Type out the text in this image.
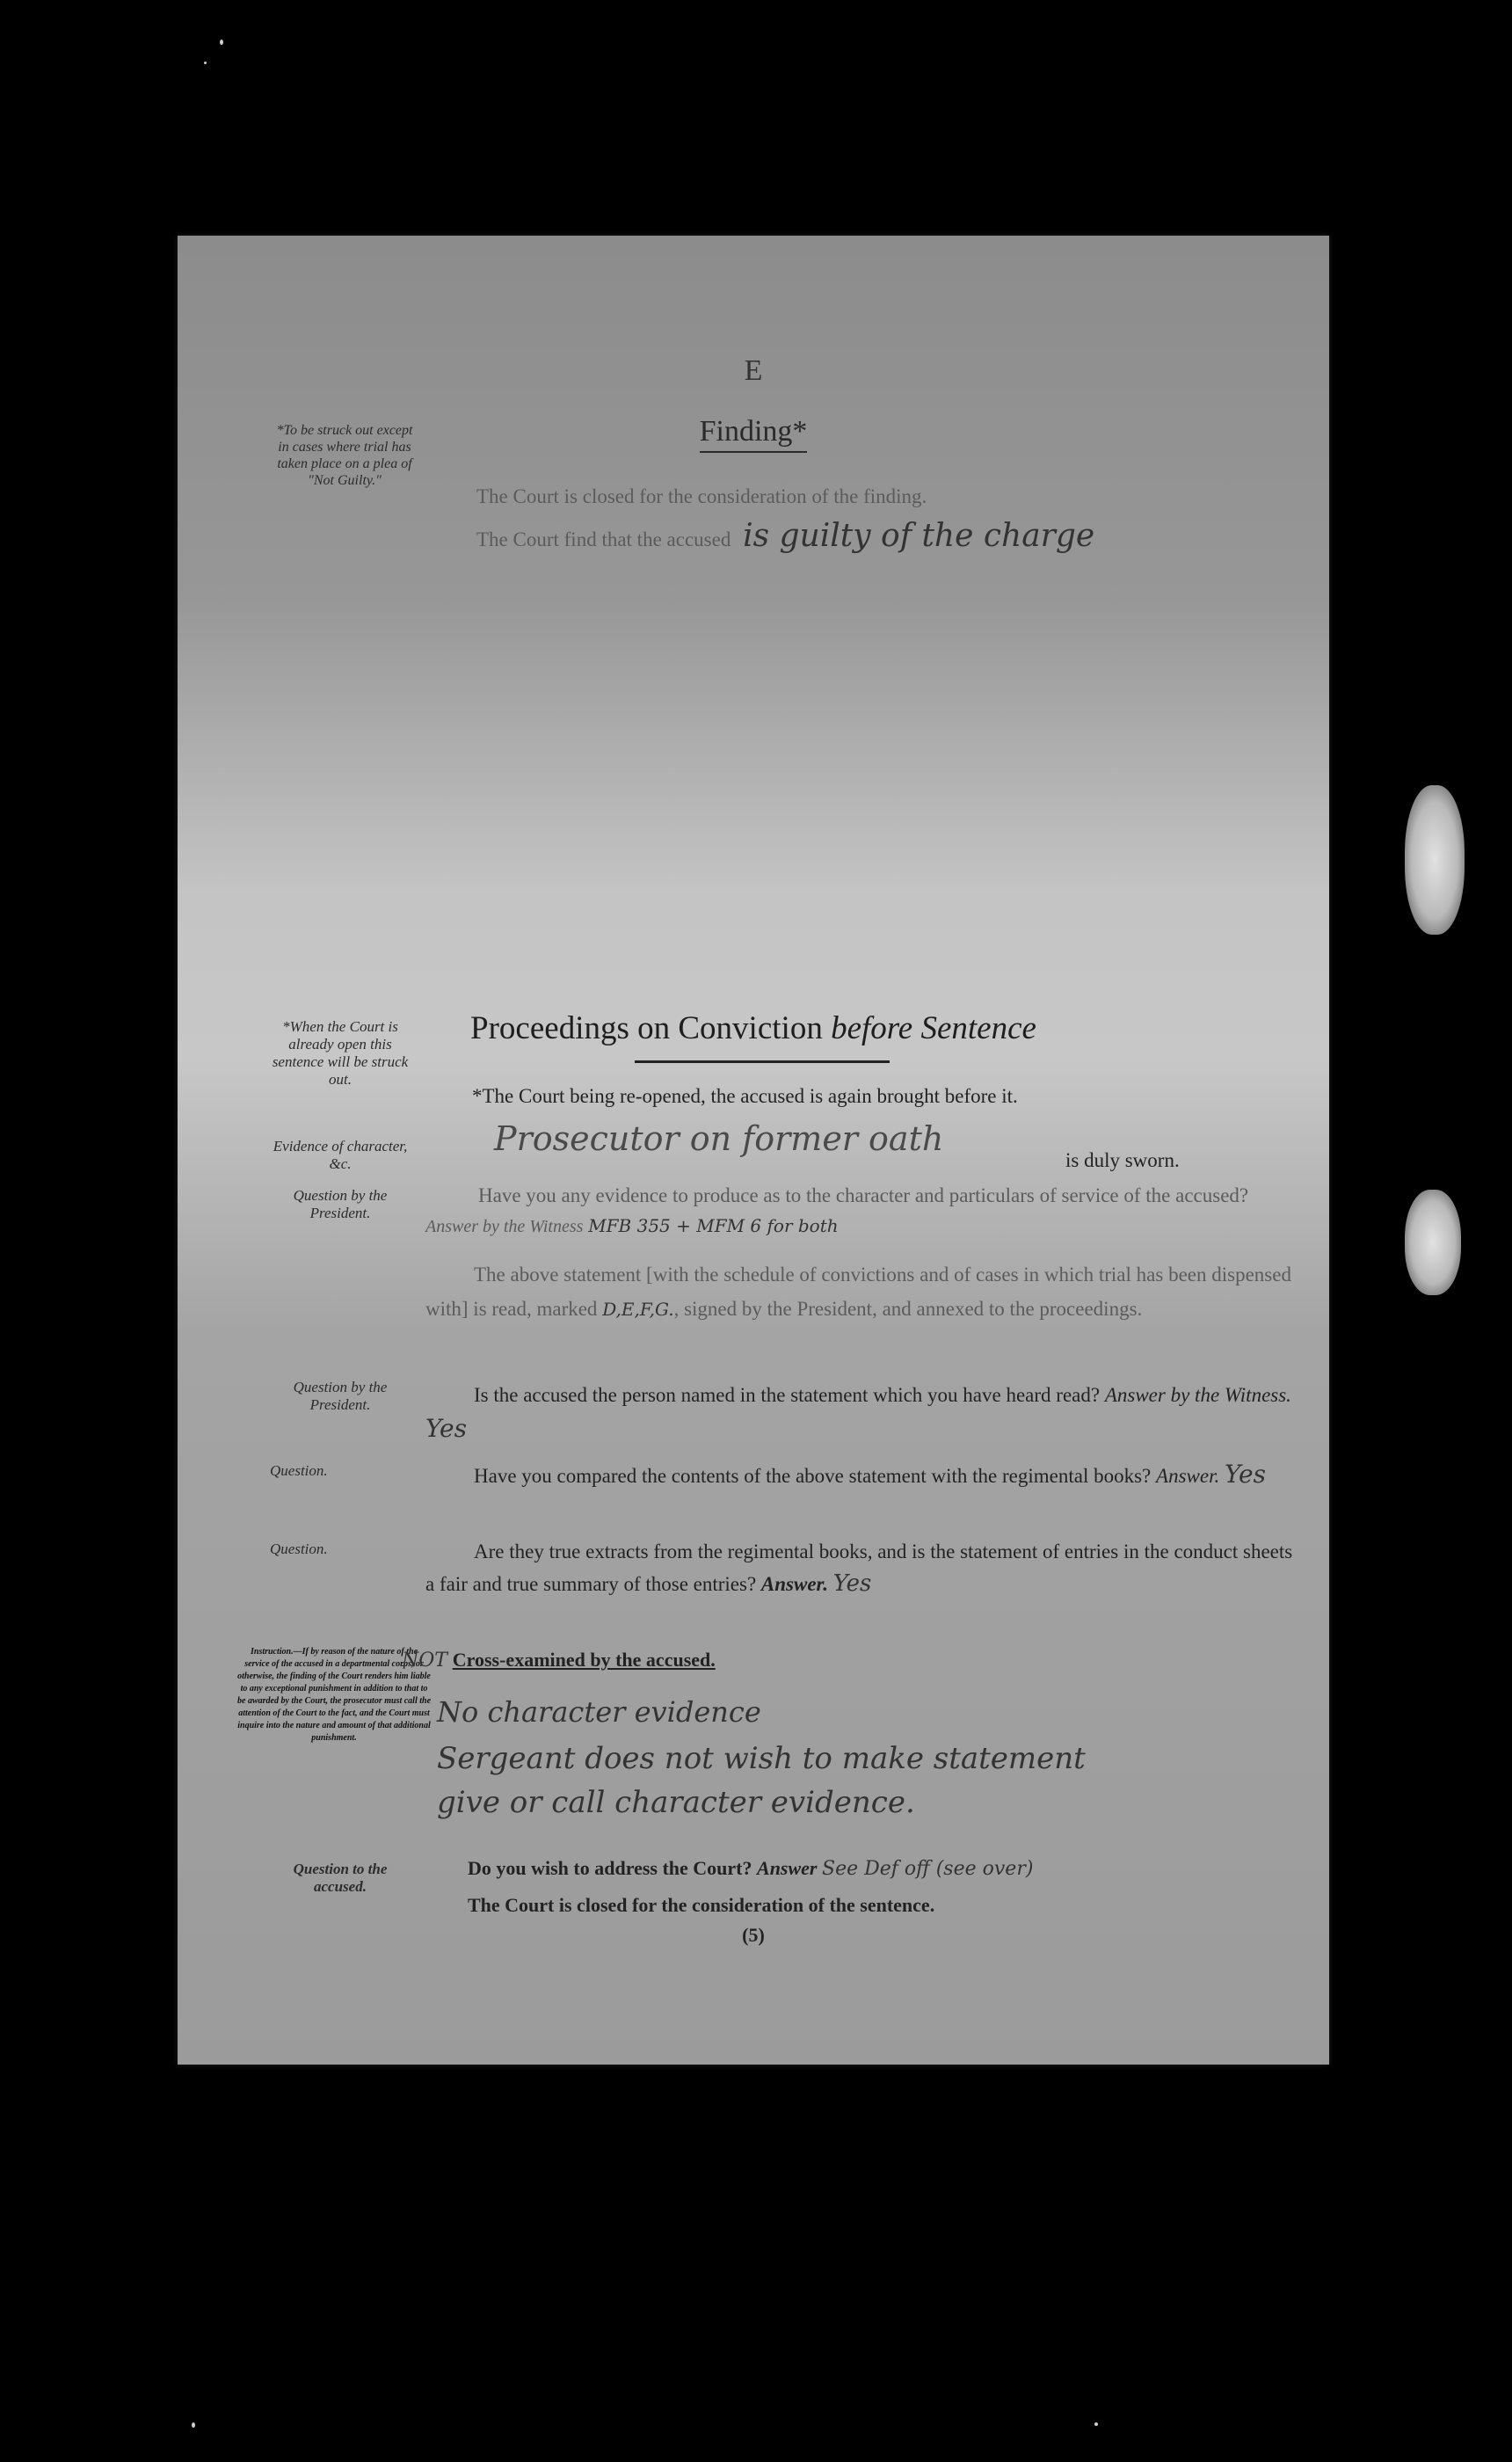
E
Finding*
*To be struck out except in cases where trial has taken place on a plea of "Not Guilty."
The Court is closed for the consideration of the finding.
The Court find that the accused is guilty of the charge
Proceedings on Conviction before Sentence
*When the Court is already open this sentence will be struck out.
Evidence of character, &c.
*The Court being re-opened, the accused is again brought before it.
Prosecutor on former oath
is duly sworn.
Question by the President.
Have you any evidence to produce as to the character and particulars of service of the accused? Answer by the Witness MFB 355 + MFM 6 for both
The above statement [with the schedule of convictions and of cases in which trial has been dispensed with] is read, marked D,E,F,G., signed by the President, and annexed to the proceedings.
Question by the President.	Is the accused the person named in the statement which you have heard read? Answer by the Witness. Yes
Question.	Have you compared the contents of the above statement with the regimental books? Answer. Yes
Question.	Are they true extracts from the regimental books, and is the statement of entries in the conduct sheets a fair and true summary of those entries? Answer. Yes
Instruction.—If by reason of the nature of the service of the accused in a departmental corps, or otherwise, the finding of the Court renders him liable to any exceptional punishment in addition to that to be awarded by the Court, the prosecutor must call the attention of the Court to the fact, and the Court must inquire into the nature and amount of that additional punishment.
NOT Cross-examined by the accused.
No character evidence
Sergeant does not wish to make statement
give or call character evidence.
Question to the accused.
Do you wish to address the Court? Answer See Def off (see over)
The Court is closed for the consideration of the sentence.
(5)
